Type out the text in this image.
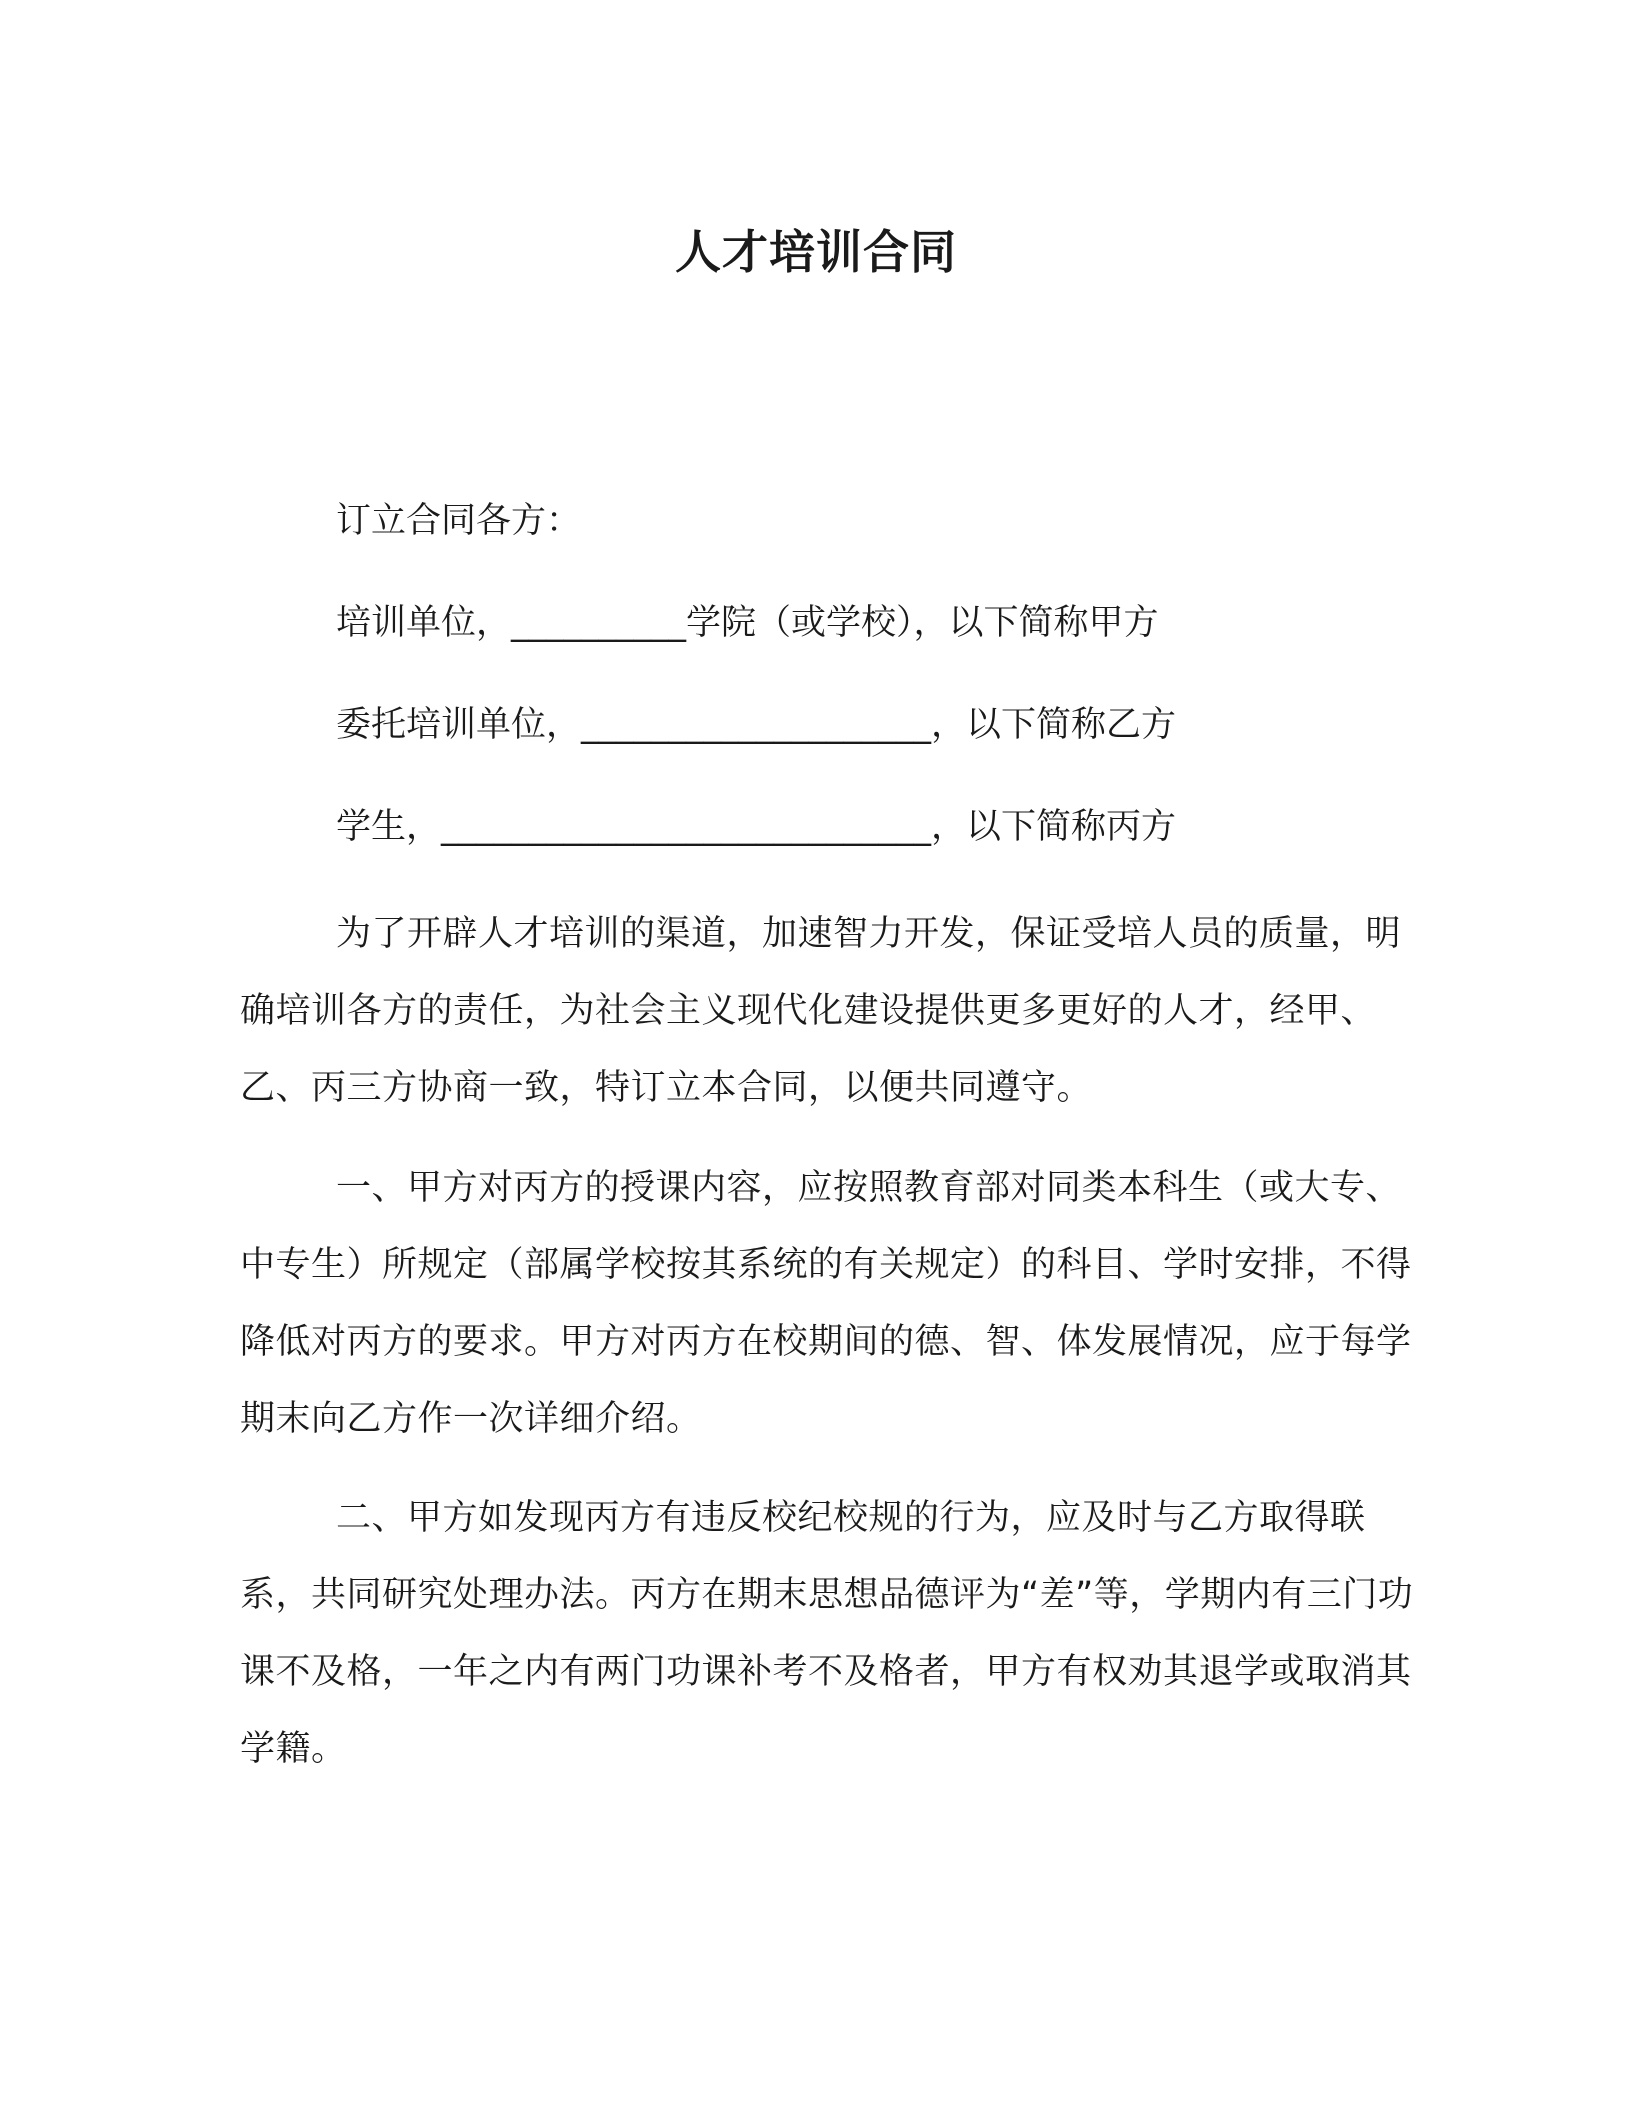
人才培训合同
订立合同各方：
培训单位，__________学院（或学校），以下简称甲方
委托培训单位，____________________，以下简称乙方
学生，____________________________，以下简称丙方

为了开辟人才培训的渠道，加速智力开发，保证受培人员的质量，明确培训各方的责任，为社会主义现代化建设提供更多更好的人才，经甲、乙、丙三方协商一致，特订立本合同，以便共同遵守。

一、甲方对丙方的授课内容，应按照教育部对同类本科生（或大专、中专生）所规定（部属学校按其系统的有关规定）的科目、学时安排，不得降低对丙方的要求。甲方对丙方在校期间的德、智、体发展情况，应于每学期末向乙方作一次详细介绍。

二、甲方如发现丙方有违反校纪校规的行为，应及时与乙方取得联系，共同研究处理办法。丙方在期末思想品德评为“差”等，学期内有三门功课不及格，一年之内有两门功课补考不及格者，甲方有权劝其退学或取消其学籍。
